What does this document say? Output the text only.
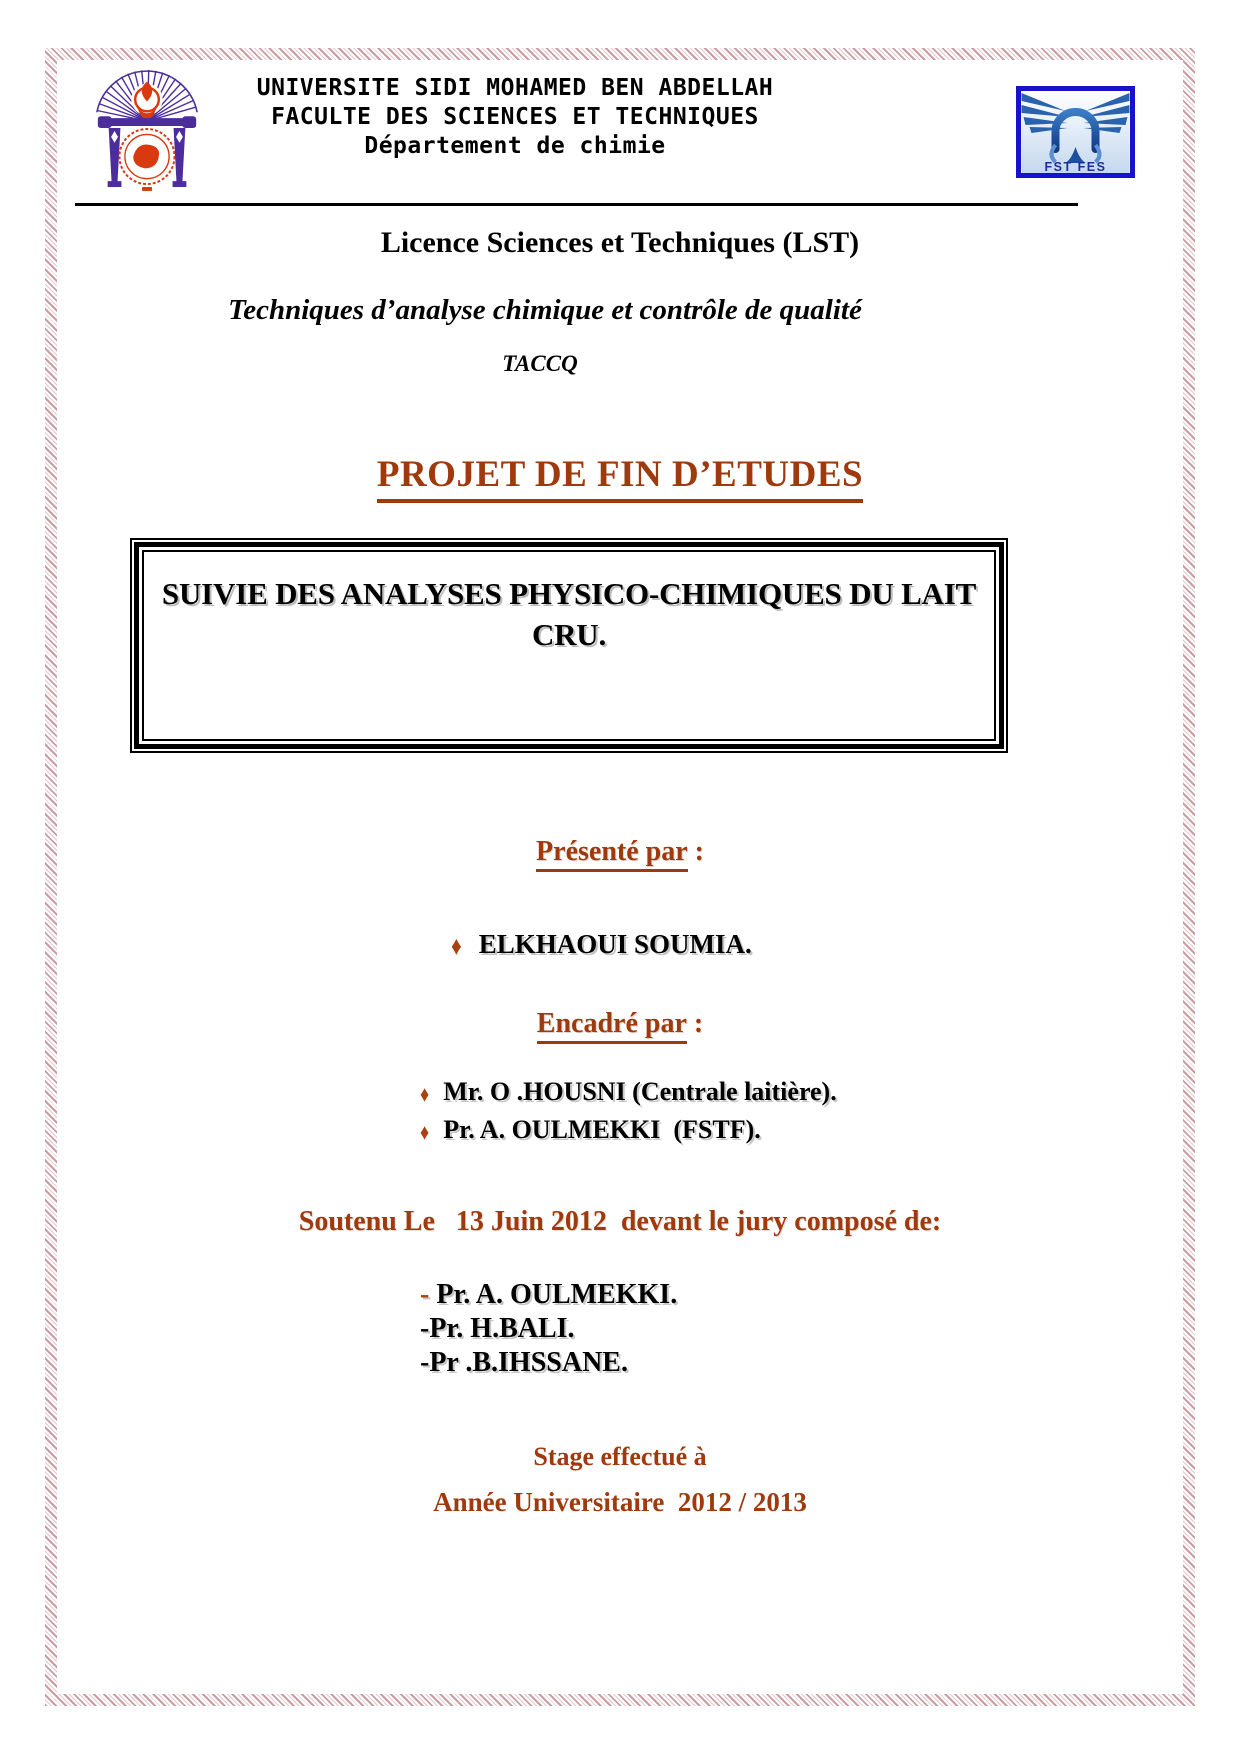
UNIVERSITE SIDI MOHAMED BEN ABDELLAH
FACULTE DES SCIENCES ET TECHNIQUES
Département de chimie
FST FES
Licence Sciences et Techniques (LST)
Techniques d’analyse chimique et contrôle de qualité
TACCQ
PROJET DE FIN D’ETUDES
SUIVIE DES ANALYSES PHYSICO-CHIMIQUES DU LAIT
CRU.
Présenté par :

♦ ELKHAOUI SOUMIA.

Encadré par :
♦ Mr. O .HOUSNI (Centrale laitière).
♦ Pr. A. OULMEKKI  (FSTF).
Soutenu Le   13 Juin 2012  devant le jury composé de:
- Pr. A. OULMEKKI.
-Pr. H.BALI.
-Pr .B.IHSSANE.
Stage effectué à
Année Universitaire  2012 / 2013
